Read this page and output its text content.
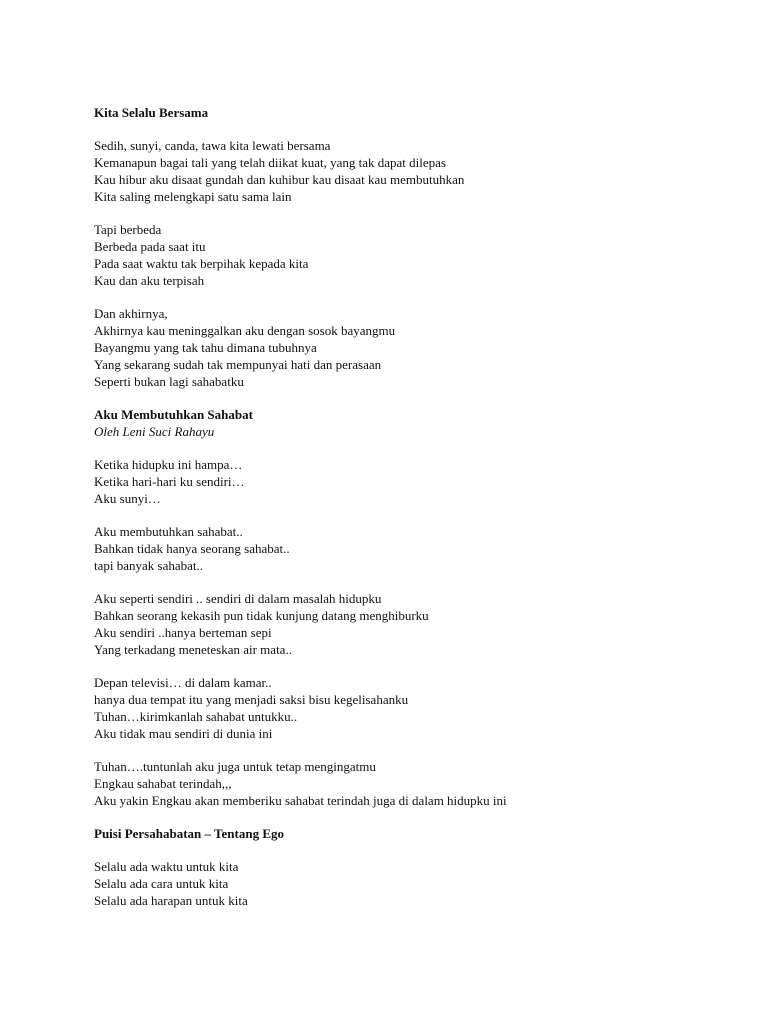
Kita Selalu Bersama
Sedih, sunyi, canda, tawa kita lewati bersama
Kemanapun bagai tali yang telah diikat kuat, yang tak dapat dilepas
Kau hibur aku disaat gundah dan kuhibur kau disaat kau membutuhkan
Kita saling melengkapi satu sama lain
Tapi berbeda
Berbeda pada saat itu
Pada saat waktu tak berpihak kepada kita
Kau dan aku terpisah
Dan akhirnya,
Akhirnya kau meninggalkan aku dengan sosok bayangmu
Bayangmu yang tak tahu dimana tubuhnya
Yang sekarang sudah tak mempunyai hati dan perasaan
Seperti bukan lagi sahabatku
Aku Membutuhkan Sahabat
Oleh Leni Suci Rahayu
Ketika hidupku ini hampa…
Ketika hari-hari ku sendiri…
Aku sunyi…
Aku membutuhkan sahabat..
Bahkan tidak hanya seorang sahabat..
tapi banyak sahabat..
Aku seperti sendiri .. sendiri di dalam masalah hidupku
Bahkan seorang kekasih pun tidak kunjung datang menghiburku
Aku sendiri ..hanya berteman sepi
Yang terkadang meneteskan air mata..
Depan televisi… di dalam kamar..
hanya dua tempat itu yang menjadi saksi bisu kegelisahanku
Tuhan…kirimkanlah sahabat untukku..
Aku tidak mau sendiri di dunia ini
Tuhan….tuntunlah aku juga untuk tetap mengingatmu
Engkau sahabat terindah,,,
Aku yakin Engkau akan memberiku sahabat terindah juga di dalam hidupku ini
Puisi Persahabatan – Tentang Ego
Selalu ada waktu untuk kita
Selalu ada cara untuk kita
Selalu ada harapan untuk kita
